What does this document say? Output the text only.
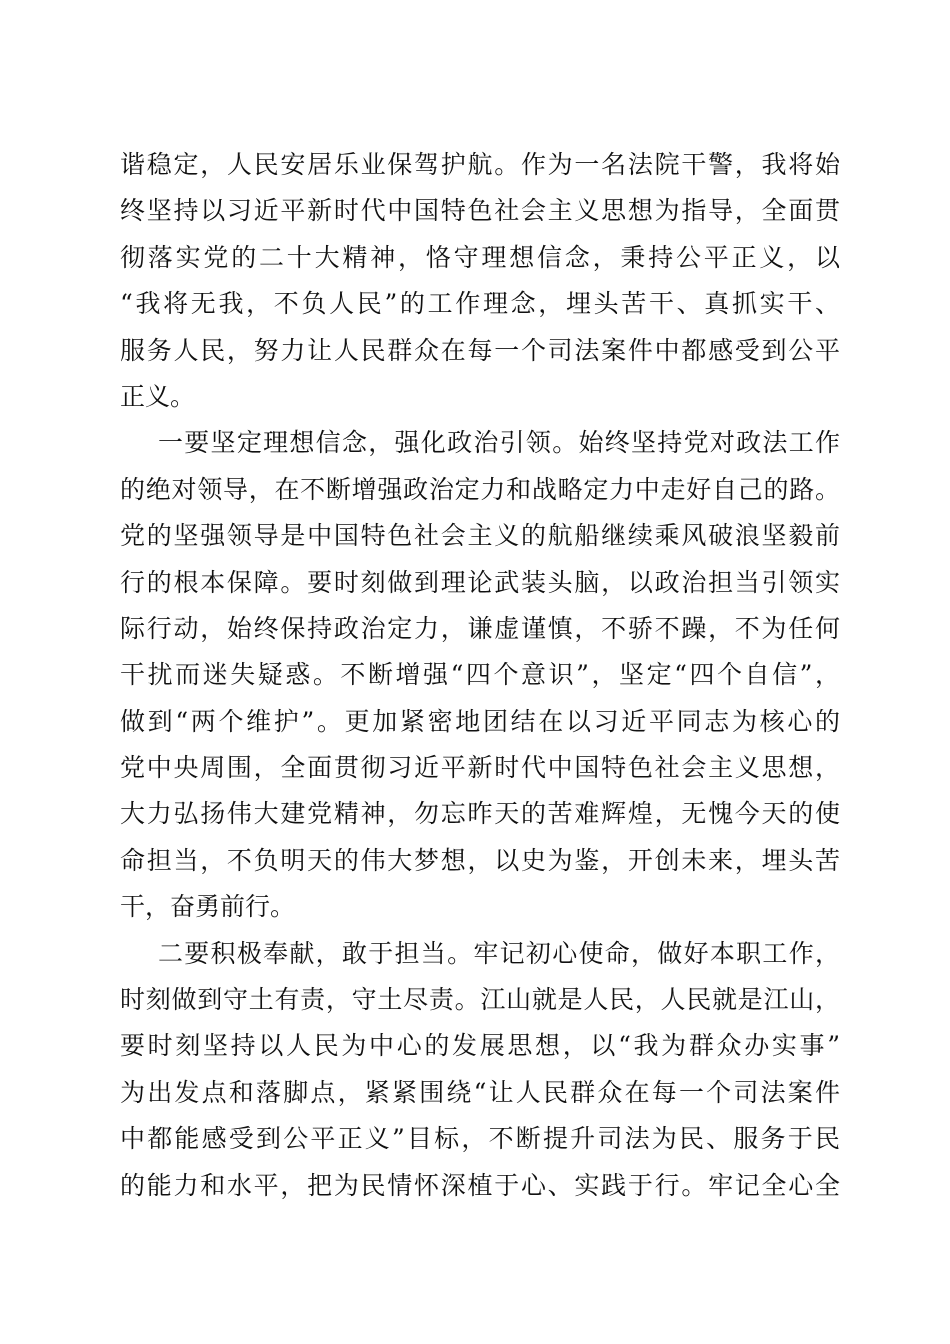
谐稳定，人民安居乐业保驾护航。作为一名法院干警，我将始
终坚持以习近平新时代中国特色社会主义思想为指导，全面贯
彻落实党的二十大精神，恪守理想信念，秉持公平正义，以
“我将无我，不负人民”的工作理念，埋头苦干、真抓实干、
服务人民，努力让人民群众在每一个司法案件中都感受到公平
正义。
一要坚定理想信念，强化政治引领。始终坚持党对政法工作
的绝对领导，在不断增强政治定力和战略定力中走好自己的路。
党的坚强领导是中国特色社会主义的航船继续乘风破浪坚毅前
行的根本保障。要时刻做到理论武装头脑，以政治担当引领实
际行动，始终保持政治定力，谦虚谨慎，不骄不躁，不为任何
干扰而迷失疑惑。不断增强“四个意识”，坚定“四个自信”，
做到“两个维护”。更加紧密地团结在以习近平同志为核心的
党中央周围，全面贯彻习近平新时代中国特色社会主义思想，
大力弘扬伟大建党精神，勿忘昨天的苦难辉煌，无愧今天的使
命担当，不负明天的伟大梦想，以史为鉴，开创未来，埋头苦
干，奋勇前行。
二要积极奉献，敢于担当。牢记初心使命，做好本职工作，
时刻做到守土有责，守土尽责。江山就是人民，人民就是江山，
要时刻坚持以人民为中心的发展思想，以“我为群众办实事”
为出发点和落脚点，紧紧围绕“让人民群众在每一个司法案件
中都能感受到公平正义”目标，不断提升司法为民、服务于民
的能力和水平，把为民情怀深植于心、实践于行。牢记全心全
